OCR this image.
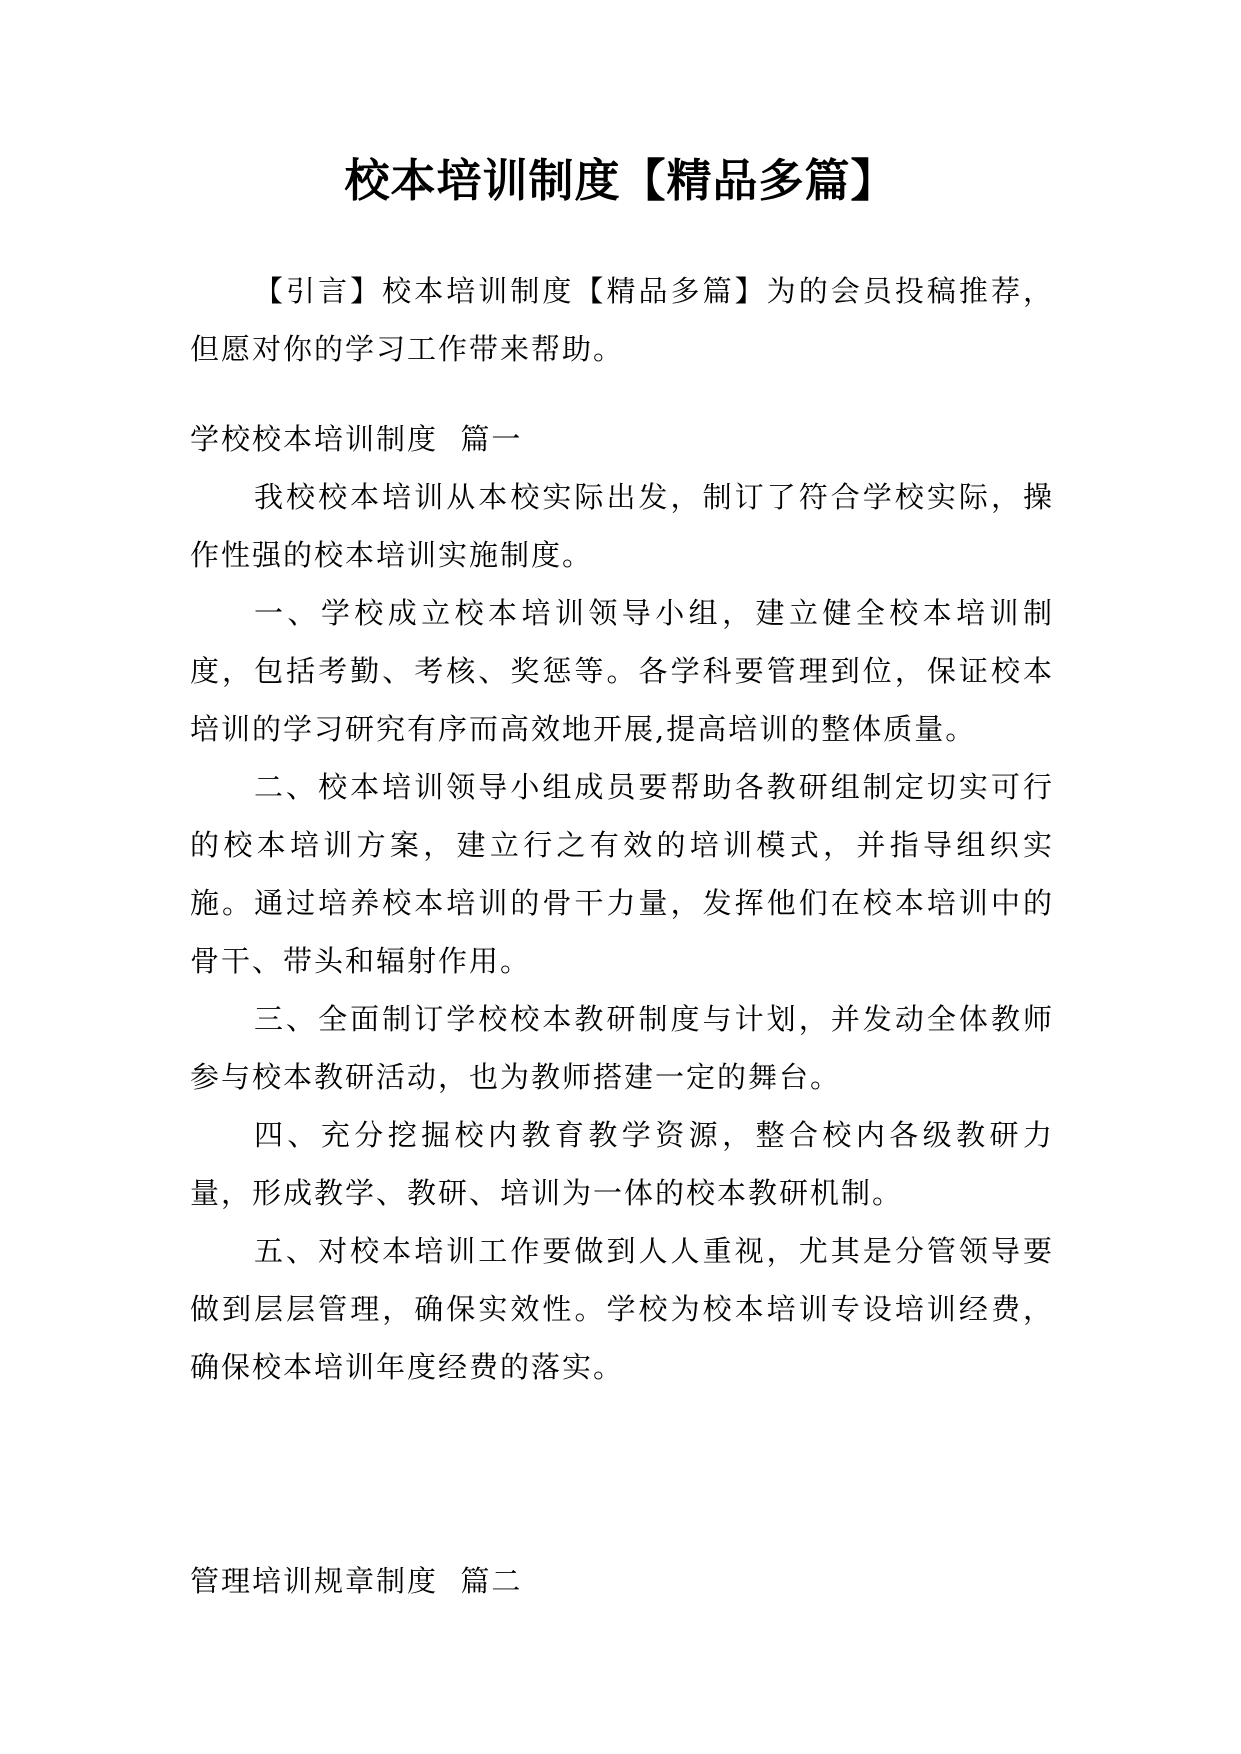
校本培训制度【精品多篇】

【引言】校本培训制度【精品多篇】为的会员投稿推荐，但愿对你的学习工作带来帮助。

学校校本培训制度  篇一

我校校本培训从本校实际出发，制订了符合学校实际，操作性强的校本培训实施制度。

一、学校成立校本培训领导小组，建立健全校本培训制度，包括考勤、考核、奖惩等。各学科要管理到位，保证校本培训的学习研究有序而高效地开展,提高培训的整体质量。

二、校本培训领导小组成员要帮助各教研组制定切实可行的校本培训方案，建立行之有效的培训模式，并指导组织实施。通过培养校本培训的骨干力量，发挥他们在校本培训中的骨干、带头和辐射作用。

三、全面制订学校校本教研制度与计划，并发动全体教师参与校本教研活动，也为教师搭建一定的舞台。

四、充分挖掘校内教育教学资源，整合校内各级教研力量，形成教学、教研、培训为一体的校本教研机制。

五、对校本培训工作要做到人人重视，尤其是分管领导要做到层层管理，确保实效性。学校为校本培训专设培训经费，确保校本培训年度经费的落实。

管理培训规章制度  篇二
